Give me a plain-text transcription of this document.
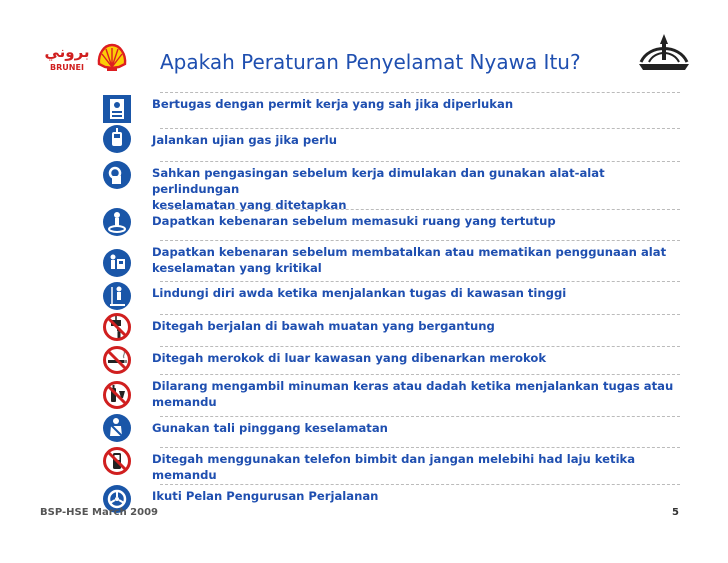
بروني
BRUNEI	Apakah Peraturan Penyelamat Nyawa Itu?
Bertugas dengan permit kerja yang sah jika diperlukan
Jalankan ujian gas jika perlu
Sahkan pengasingan sebelum kerja dimulakan dan gunakan alat-alat perlindungan
keselamatan yang ditetapkan
Dapatkan kebenaran sebelum memasuki ruang yang tertutup
Dapatkan kebenaran sebelum membatalkan atau mematikan penggunaan alat
keselamatan yang kritikal
Lindungi diri awda ketika menjalankan tugas di kawasan tinggi
Ditegah berjalan di bawah muatan yang bergantung
Ditegah merokok di luar kawasan yang dibenarkan merokok
Dilarang mengambil minuman keras atau dadah ketika menjalankan tugas atau
memandu
Gunakan tali pinggang keselamatan
Ditegah menggunakan telefon bimbit dan jangan melebihi had laju ketika memandu
Ikuti Pelan Pengurusan Perjalanan
BSP-HSE March 2009	5
